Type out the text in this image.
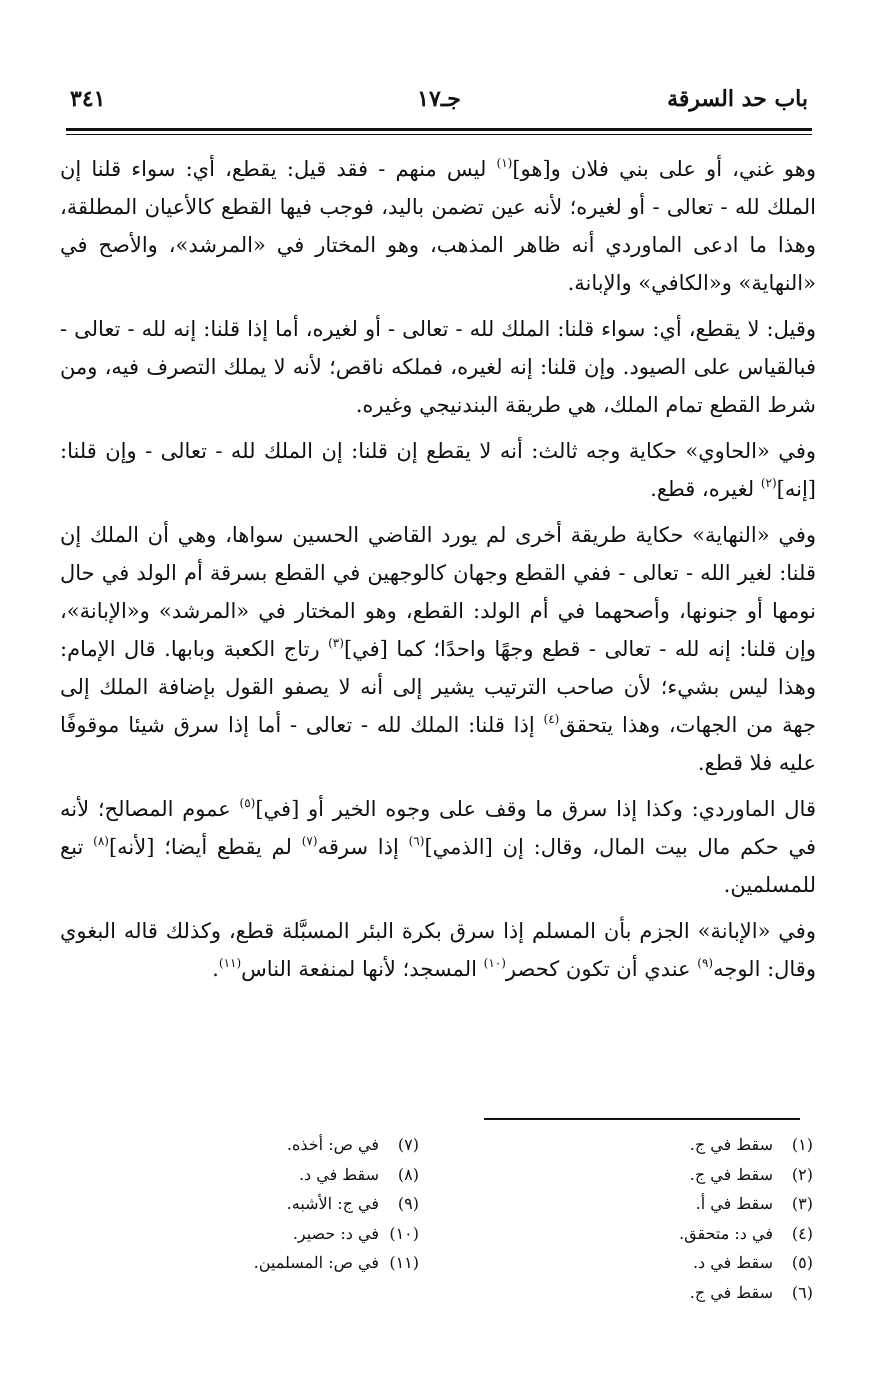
باب حد السرقة
جـ١٧
٣٤١

وهو غني، أو على بني فلان و[هو]$^{(١)}$ ليس منهم - فقد قيل: يقطع، أي: سواء قلنا إن الملك لله - تعالى - أو لغيره؛ لأنه عين تضمن باليد، فوجب فيها القطع كالأعيان المطلقة، وهذا ما ادعى الماوردي أنه ظاهر المذهب، وهو المختار في «المرشد»، والأصح في «النهاية» و«الكافي» والإبانة.

وقيل: لا يقطع، أي: سواء قلنا: الملك لله - تعالى - أو لغيره، أما إذا قلنا: إنه لله - تعالى - فبالقياس على الصيود. وإن قلنا: إنه لغيره، فملكه ناقص؛ لأنه لا يملك التصرف فيه، ومن شرط القطع تمام الملك، هي طريقة البندنيجي وغيره.

وفي «الحاوي» حكاية وجه ثالث: أنه لا يقطع إن قلنا: إن الملك لله - تعالى - وإن قلنا: [إنه]$^{(٢)}$ لغيره، قطع.

وفي «النهاية» حكاية طريقة أخرى لم يورد القاضي الحسين سواها، وهي أن الملك إن قلنا: لغير الله - تعالى - ففي القطع وجهان كالوجهين في القطع بسرقة أم الولد في حال نومها أو جنونها، وأصحهما في أم الولد: القطع، وهو المختار في «المرشد» و«الإبانة»، وإن قلنا: إنه لله - تعالى - قطع وجهًا واحدًا؛ كما [في]$^{(٣)}$ رتاج الكعبة وبابها. قال الإمام: وهذا ليس بشيء؛ لأن صاحب الترتيب يشير إلى أنه لا يصفو القول بإضافة الملك إلى جهة من الجهات، وهذا يتحقق$^{(٤)}$ إذا قلنا: الملك لله - تعالى - أما إذا سرق شيئا موقوفًا عليه فلا قطع.

قال الماوردي: وكذا إذا سرق ما وقف على وجوه الخير أو [في]$^{(٥)}$ عموم المصالح؛ لأنه في حكم مال بيت المال، وقال: إن [الذمي]$^{(٦)}$ إذا سرقه$^{(٧)}$ لم يقطع أيضا؛ [لأنه]$^{(٨)}$ تبع للمسلمين.

وفي «الإبانة» الجزم بأن المسلم إذا سرق بكرة البئر المسبَّلة قطع، وكذلك قاله البغوي وقال: الوجه$^{(٩)}$ عندي أن تكون كحصر$^{(١٠)}$ المسجد؛ لأنها لمنفعة الناس$^{(١١)}$.

(١)سقط في ج.
(٢)سقط في ج.
(٣)سقط في أ.
(٤)في د: متحقق.
(٥)سقط في د.
(٦)سقط في ج.
(٧)في ص: أخذه.
(٨)سقط في د.
(٩)في ج: الأشبه.
(١٠)في د: حصير.
(١١)في ص: المسلمين.
